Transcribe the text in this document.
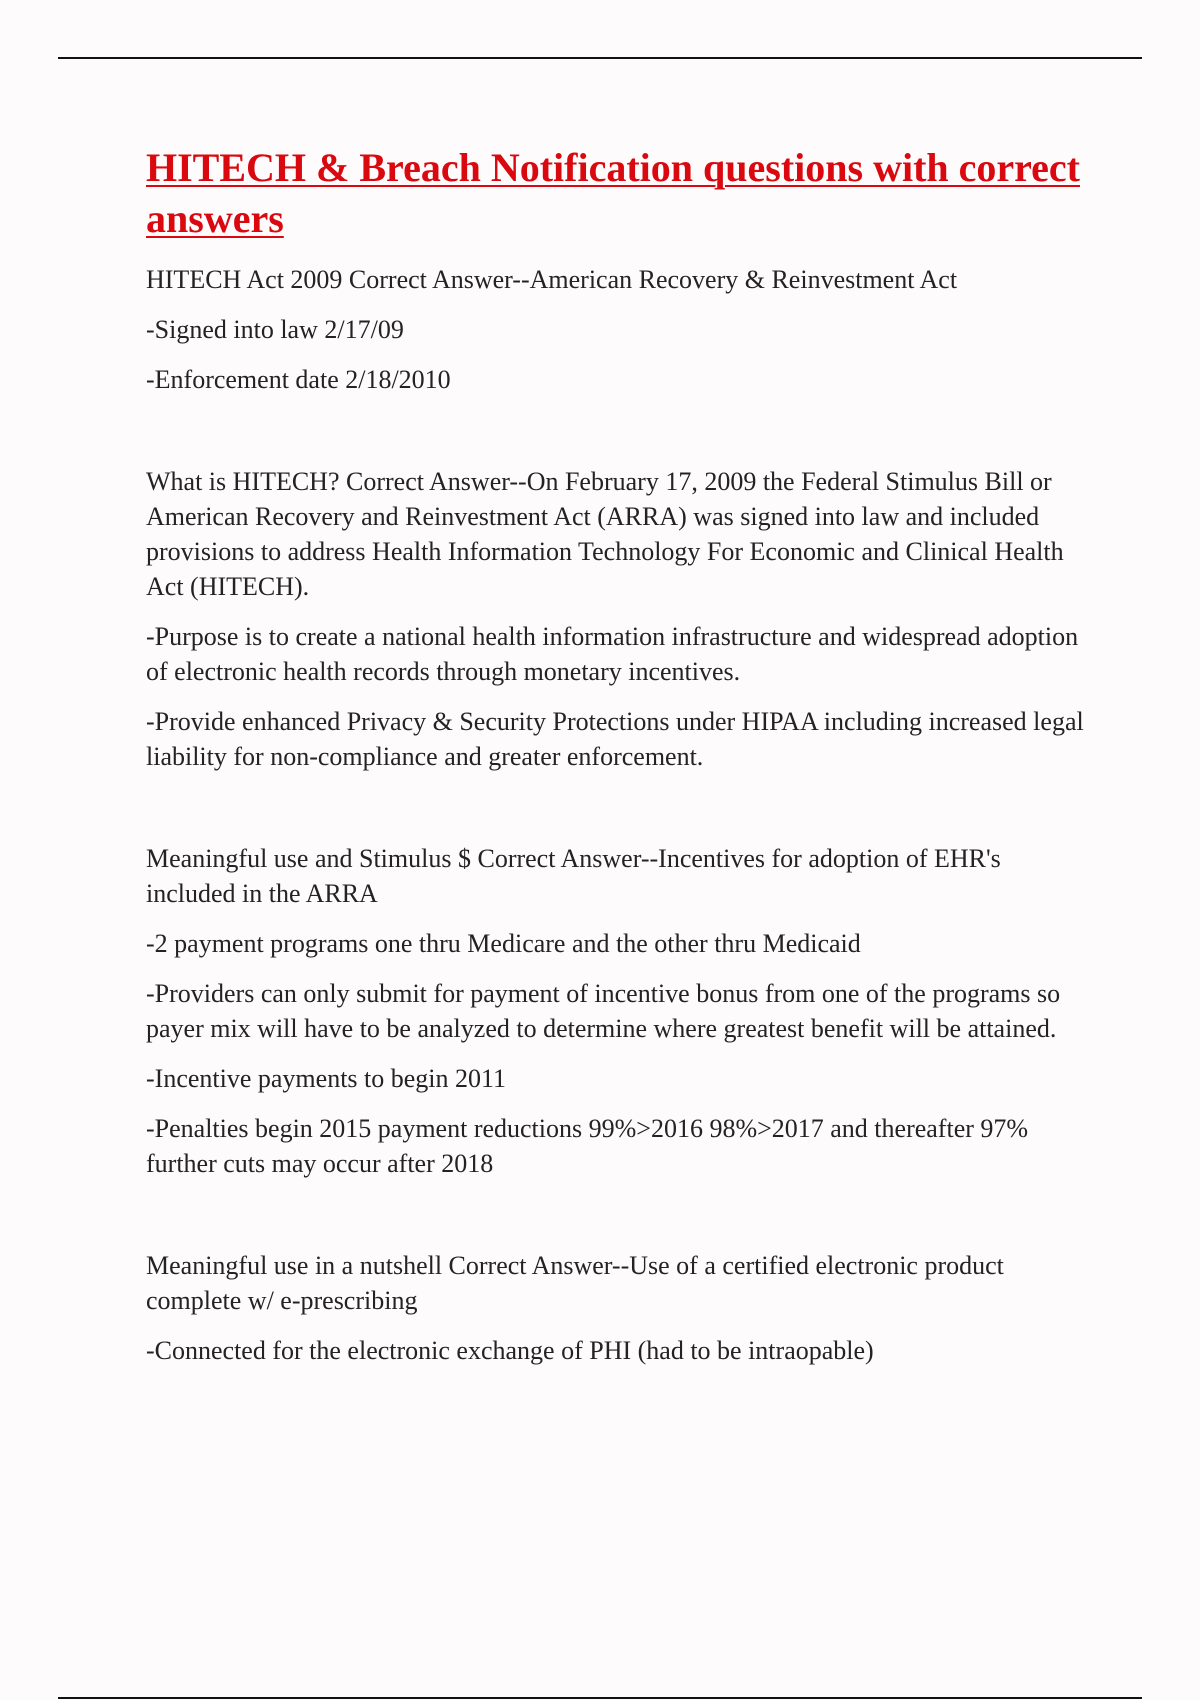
HITECH & Breach Notification questions with correct answers

HITECH Act 2009 Correct Answer--American Recovery & Reinvestment Act

-Signed into law 2/17/09

-Enforcement date 2/18/2010

What is HITECH? Correct Answer--On February 17, 2009 the Federal Stimulus Bill or American Recovery and Reinvestment Act (ARRA) was signed into law and included provisions to address Health Information Technology For Economic and Clinical Health Act (HITECH).

-Purpose is to create a national health information infrastructure and widespread adoption of electronic health records through monetary incentives.

-Provide enhanced Privacy & Security Protections under HIPAA including increased legal liability for non-compliance and greater enforcement.

Meaningful use and Stimulus $ Correct Answer--Incentives for adoption of EHR's included in the ARRA

-2 payment programs one thru Medicare and the other thru Medicaid

-Providers can only submit for payment of incentive bonus from one of the programs so payer mix will have to be analyzed to determine where greatest benefit will be attained.

-Incentive payments to begin 2011

-Penalties begin 2015 payment reductions 99%>2016 98%>2017 and thereafter 97% further cuts may occur after 2018

Meaningful use in a nutshell Correct Answer--Use of a certified electronic product complete w/ e-prescribing

-Connected for the electronic exchange of PHI (had to be intraopable)
